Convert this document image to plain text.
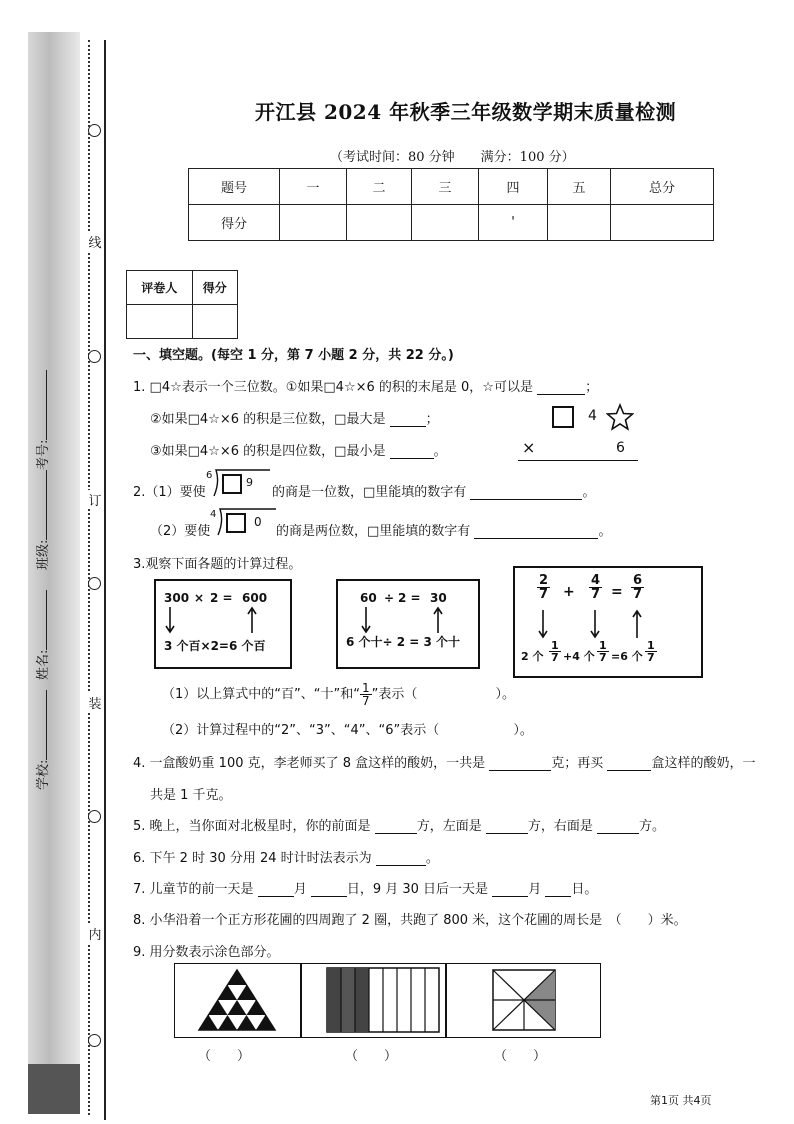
线
订
装
内
学校:
姓名:
班级:
考号:
开江县 2024 年秋季三年级数学期末质量检测
（考试时间：80 分钟　　满分：100 分）
题号	一	二	三	四	五	总分
得分				'		
评卷人	得分

一、填空题。(每空 1 分，第 7 小题 2 分，共 22 分。)
1. □4☆表示一个三位数。①如果□4☆×6 的积的末尾是 0，☆可以是	；
②如果□4☆×6 的积是三位数，□最大是	；
③如果□4☆×6 的积是四位数，□最小是	。
4
×	6
2.（1）要使
6
9
的商是一位数，□里能填的数字有	。
（2）要使
4
0
的商是两位数，□里能填的数字有	。
3.观察下面各题的计算过程。
300 × 2 = 600
3 个百×2=6 个百
60 ÷ 2 = 30
6 个十÷ 2 = 3 个十
$\frac{2}{7} + \frac{4}{7} = \frac{6}{7}$
2 个 $\frac{1}{7} +4$ 个 $\frac{1}{7} =6$ 个 $\frac{1}{7}$
（1）以上算式中的“百”、“十”和“ $\frac{1}{7}$ ”表示（	）。
（2）计算过程中的“2”、“3”、“4”、“6”表示（	）。
4. 一盒酸奶重 100 克，李老师买了 8 盒这样的酸奶，一共是	克；再买	盒这样的酸奶，一
共是 1 千克。
5. 晚上，当你面对北极星时，你的前面是	方，左面是	方，右面是	方。
6. 下午 2 时 30 分用 24 时计时法表示为	。
7. 儿童节的前一天是	月	日，9 月 30 日后一天是	月 日。
8. 小华沿着一个正方形花圃的四周跑了 2 圈，共跑了 800 米，这个花圃的周长是　（　　）米。
9. 用分数表示涂色部分。
（　　）	（　　）	（　　）
第1页 共4页
